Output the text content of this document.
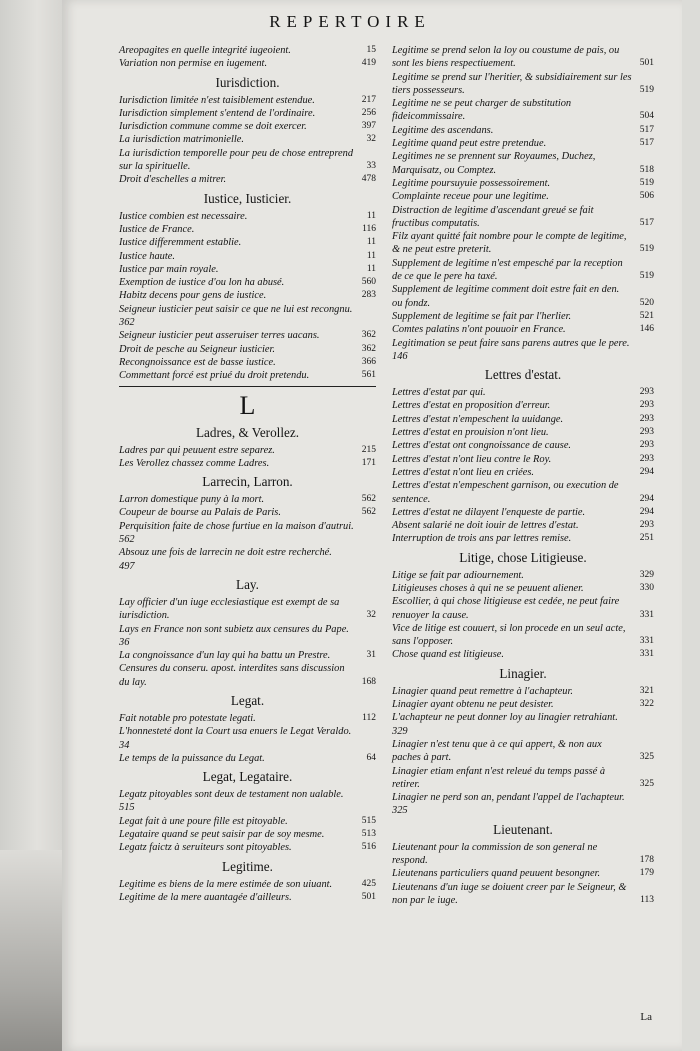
REPERTOIRE
Areopagites en quelle integrité iugeoient.	15
Variation non permise en iugement.	419
Iurisdiction.
Iurisdiction limitée n'est taisiblement estendue.	217
Iurisdiction simplement s'entend de l'ordinaire.	256
Iurisdiction commune comme se doit exercer.	397
La iurisdiction matrimonielle.	32
La iurisdiction temporelle pour peu de chose entreprend sur la spirituelle.	33
Droit d'eschelles a mitrer.	478
Iustice, Iusticier.
Iustice combien est necessaire.	11
Iustice de France.	116
Iustice differemment establie.	11
Iustice haute.	11
Iustice par main royale.	11
Exemption de iustice d'ou lon ha abusé.	560
Habitz decens pour gens de iustice.	283
Seigneur iusticier peut saisir ce que ne lui est recongnu.
362
Seigneur iusticier peut asseruiser terres uacans.	362
Droit de pesche au Seigneur iusticier.	362
Recongnoissance est de basse iustice.	366
Commettant forcé est priué du droit pretendu.	561
L
Ladres, & Verollez.
Ladres par qui peuuent estre separez.	215
Les Verollez chassez comme Ladres.	171
Larrecin, Larron.
Larron domestique puny à la mort.	562
Coupeur de bourse au Palais de Paris.	562
Perquisition faite de chose furtiue en la maison d'autrui.
562
Absouz une fois de larrecin ne doit estre recherché.
497
Lay.
Lay officier d'un iuge ecclesiastique est exempt de sa iurisdiction.	32
Lays en France non sont subietz aux censures du Pape.
36
La congnoissance d'un lay qui ha battu un Prestre.	31
Censures du conseru. apost. interdites sans discussion du lay.	168
Legat.
Fait notable pro potestate legati.	112
L'honnesteté dont la Court usa enuers le Legat Veraldo.
34
Le temps de la puissance du Legat.	64
Legat, Legataire.
Legatz pitoyables sont deux de testament non ualable.
515
Legat fait à une poure fille est pitoyable.	515
Legataire quand se peut saisir par de soy mesme.	513
Legatz faictz à seruiteurs sont pitoyables.	516
Legitime.
Legitime es biens de la mere estimée de son uiuant.	425
Legitime de la mere auantagée d'ailleurs.	501
Legitime se prend selon la loy ou coustume de pais, ou sont les biens respectiuement.	501
Legitime se prend sur l'heritier, & subsidiairement sur les tiers possesseurs.	519
Legitime ne se peut charger de substitution fideicommissaire.	504
Legitime des ascendans.	517
Legitime quand peut estre pretendue.	517
Legitimes ne se prennent sur Royaumes, Duchez, Marquisatz, ou Comptez.	518
Legitime poursuyuie possessoirement.	519
Complainte receue pour une legitime.	506
Distraction de legitime d'ascendant greué se fait fructibus computatis.	517
Filz ayant quitté fait nombre pour le compte de legitime, & ne peut estre preterit.	519
Supplement de legitime n'est empesché par la reception de ce que le pere ha taxé.	519
Supplement de legitime comment doit estre fait en den. ou fondz.	520
Supplement de legitime se fait par l'herlier.	521
Comtes palatins n'ont pouuoir en France.	146
Legitimation se peut faire sans parens autres que le pere.
146
Lettres d'estat.
Lettres d'estat par qui.	293
Lettres d'estat en proposition d'erreur.	293
Lettres d'estat n'empeschent la uuidange.	293
Lettres d'estat en prouision n'ont lieu.	293
Lettres d'estat ont congnoissance de cause.	293
Lettres d'estat n'ont lieu contre le Roy.	293
Lettres d'estat n'ont lieu en criées.	294
Lettres d'estat n'empeschent garnison, ou execution de sentence.	294
Lettres d'estat ne dilayent l'enqueste de partie.	294
Absent salarié ne doit iouir de lettres d'estat.	293
Interruption de trois ans par lettres remise.	251
Litige, chose Litigieuse.
Litige se fait par adiournement.	329
Litigieuses choses à qui ne se peuuent aliener.	330
Escollier, à qui chose litigieuse est cedée, ne peut faire renuoyer la cause.	331
Vice de litige est couuert, si lon procede en un seul acte, sans l'opposer.	331
Chose quand est litigieuse.	331
Linagier.
Linagier quand peut remettre à l'achapteur.	321
Linagier ayant obtenu ne peut desister.	322
L'achapteur ne peut donner loy au linagier retrahiant.
329
Linagier n'est tenu que à ce qui appert, & non aux paches à part.	325
Linagier etiam enfant n'est releué du temps passé à retirer.	325
Linagier ne perd son an, pendant l'appel de l'achapteur.
325
Lieutenant.
Lieutenant pour la commission de son general ne respond.	178
Lieutenans particuliers quand peuuent besongner.	179
Lieutenans d'un iuge se doiuent creer par le Seigneur, & non par le iuge.	113
La
